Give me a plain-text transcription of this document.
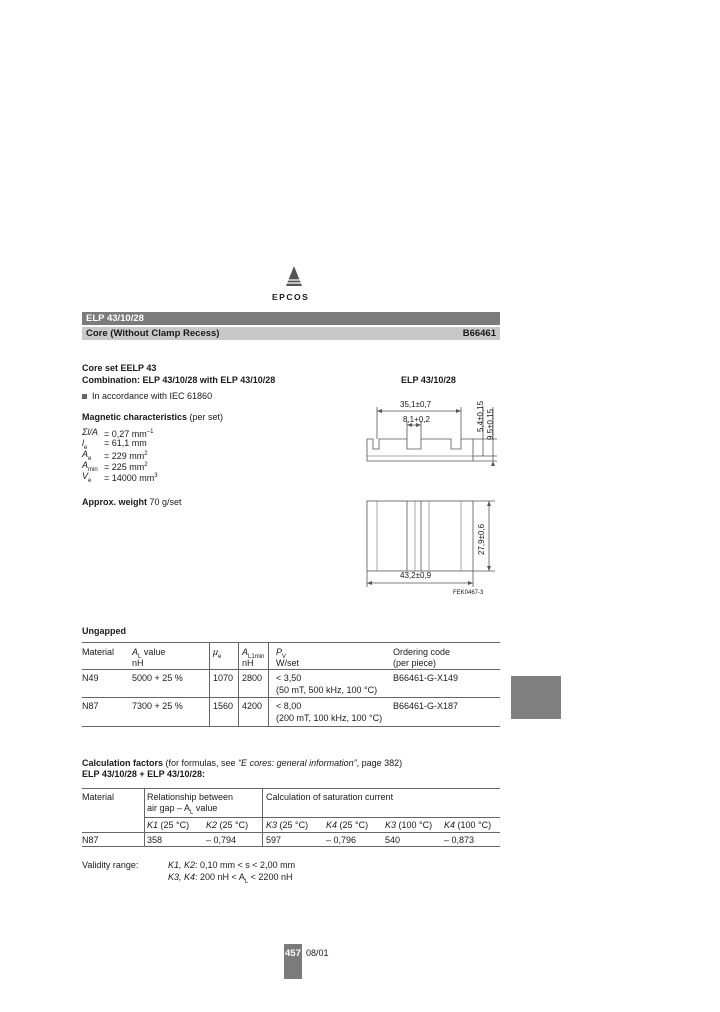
EPCOS
ELP 43/10/28
Core (Without Clamp Recess)	B66461
Core set EELP 43
Combination: ELP 43/10/28 with ELP 43/10/28	ELP 43/10/28
In accordance with IEC 61860
Magnetic characteristics (per set)
Σl/A = 0,27 $mm^{-1}$
$l_e = 61,1$ mm
$A_e = 229$ $mm^2$
$A_{min} = 225$ $mm^2$
$V_e = 14000$ $mm^3$
Approx. weight 70 g/set
35,1±0,7
8,1+0,2	5,4±0,15 9,5±0,15
27,9±0,6
43,2±0,9
FEK0467-3
Ungapped
Material $A_L$ value	$\mu_e$ $A_{L1min}$ $P_V$	Ordering code
nH	nH W/set	(per piece)
N49	5000 + 25 %	1070 2800 < 3,50	B66461-G-X149
(50 mT, 500 kHz, 100 °C)
N87	7300 + 25 %	1560 4200 < 8,00	B66461-G-X187
(200 mT, 100 kHz, 100 °C)
Calculation factors (for formulas, see “E cores: general information”, page 382)
ELP 43/10/28 + ELP 43/10/28:
Material	Relationship between
air gap – $A_L$ value
Calculation of saturation current
K1 (25 °C) K2 (25 °C) K3 (25 °C) K4 (25 °C) K3 (100 °C) K4 (100 °C)
N87	358	– 0,794	597	– 0,796	540	– 0,873
Validity range:	K1, K2: 0,10 mm < s < 2,00 mm
K3, K4: 200 nH < $A_L < 2200$ nH
457 08/01
